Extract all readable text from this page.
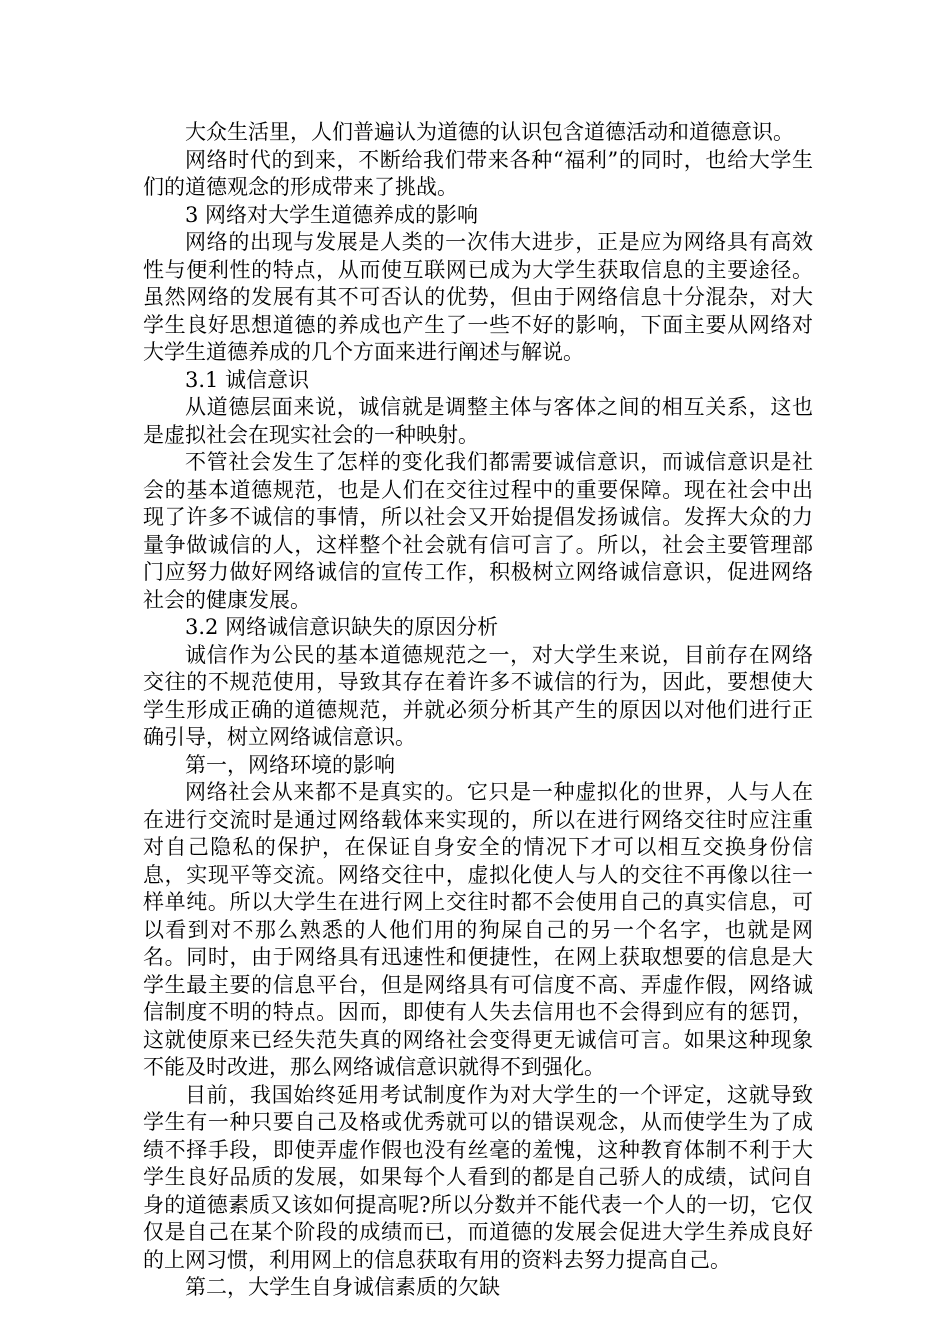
大众生活里，人们普遍认为道德的认识包含道德活动和道德意识。

网络时代的到来，不断给我们带来各种“福利”的同时，也给大学生们的道德观念的形成带来了挑战。

3 网络对大学生道德养成的影响

网络的出现与发展是人类的一次伟大进步，正是应为网络具有高效性与便利性的特点，从而使互联网已成为大学生获取信息的主要途径。虽然网络的发展有其不可否认的优势，但由于网络信息十分混杂，对大学生良好思想道德的养成也产生了一些不好的影响，下面主要从网络对大学生道德养成的几个方面来进行阐述与解说。

3.1 诚信意识

从道德层面来说，诚信就是调整主体与客体之间的相互关系，这也是虚拟社会在现实社会的一种映射。

不管社会发生了怎样的变化我们都需要诚信意识，而诚信意识是社会的基本道德规范，也是人们在交往过程中的重要保障。现在社会中出现了许多不诚信的事情，所以社会又开始提倡发扬诚信。发挥大众的力量争做诚信的人，这样整个社会就有信可言了。所以，社会主要管理部门应努力做好网络诚信的宣传工作，积极树立网络诚信意识，促进网络社会的健康发展。

3.2 网络诚信意识缺失的原因分析

诚信作为公民的基本道德规范之一，对大学生来说，目前存在网络交往的不规范使用，导致其存在着许多不诚信的行为，因此，要想使大学生形成正确的道德规范，并就必须分析其产生的原因以对他们进行正确引导，树立网络诚信意识。

第一，网络环境的影响

网络社会从来都不是真实的。它只是一种虚拟化的世界，人与人在在进行交流时是通过网络载体来实现的，所以在进行网络交往时应注重对自己隐私的保护，在保证自身安全的情况下才可以相互交换身份信息，实现平等交流。网络交往中，虚拟化使人与人的交往不再像以往一样单纯。所以大学生在进行网上交往时都不会使用自己的真实信息，可以看到对不那么熟悉的人他们用的狗屎自己的另一个名字，也就是网名。同时，由于网络具有迅速性和便捷性，在网上获取想要的信息是大学生最主要的信息平台，但是网络具有可信度不高、弄虚作假，网络诚信制度不明的特点。因而，即使有人失去信用也不会得到应有的惩罚，这就使原来已经失范失真的网络社会变得更无诚信可言。如果这种现象不能及时改进，那么网络诚信意识就得不到强化。

目前，我国始终延用考试制度作为对大学生的一个评定，这就导致学生有一种只要自己及格或优秀就可以的错误观念，从而使学生为了成绩不择手段，即使弄虚作假也没有丝毫的羞愧，这种教育体制不利于大学生良好品质的发展，如果每个人看到的都是自己骄人的成绩，试问自身的道德素质又该如何提高呢?所以分数并不能代表一个人的一切，它仅仅是自己在某个阶段的成绩而已，而道德的发展会促进大学生养成良好的上网习惯，利用网上的信息获取有用的资料去努力提高自己。

第二，大学生自身诚信素质的欠缺
